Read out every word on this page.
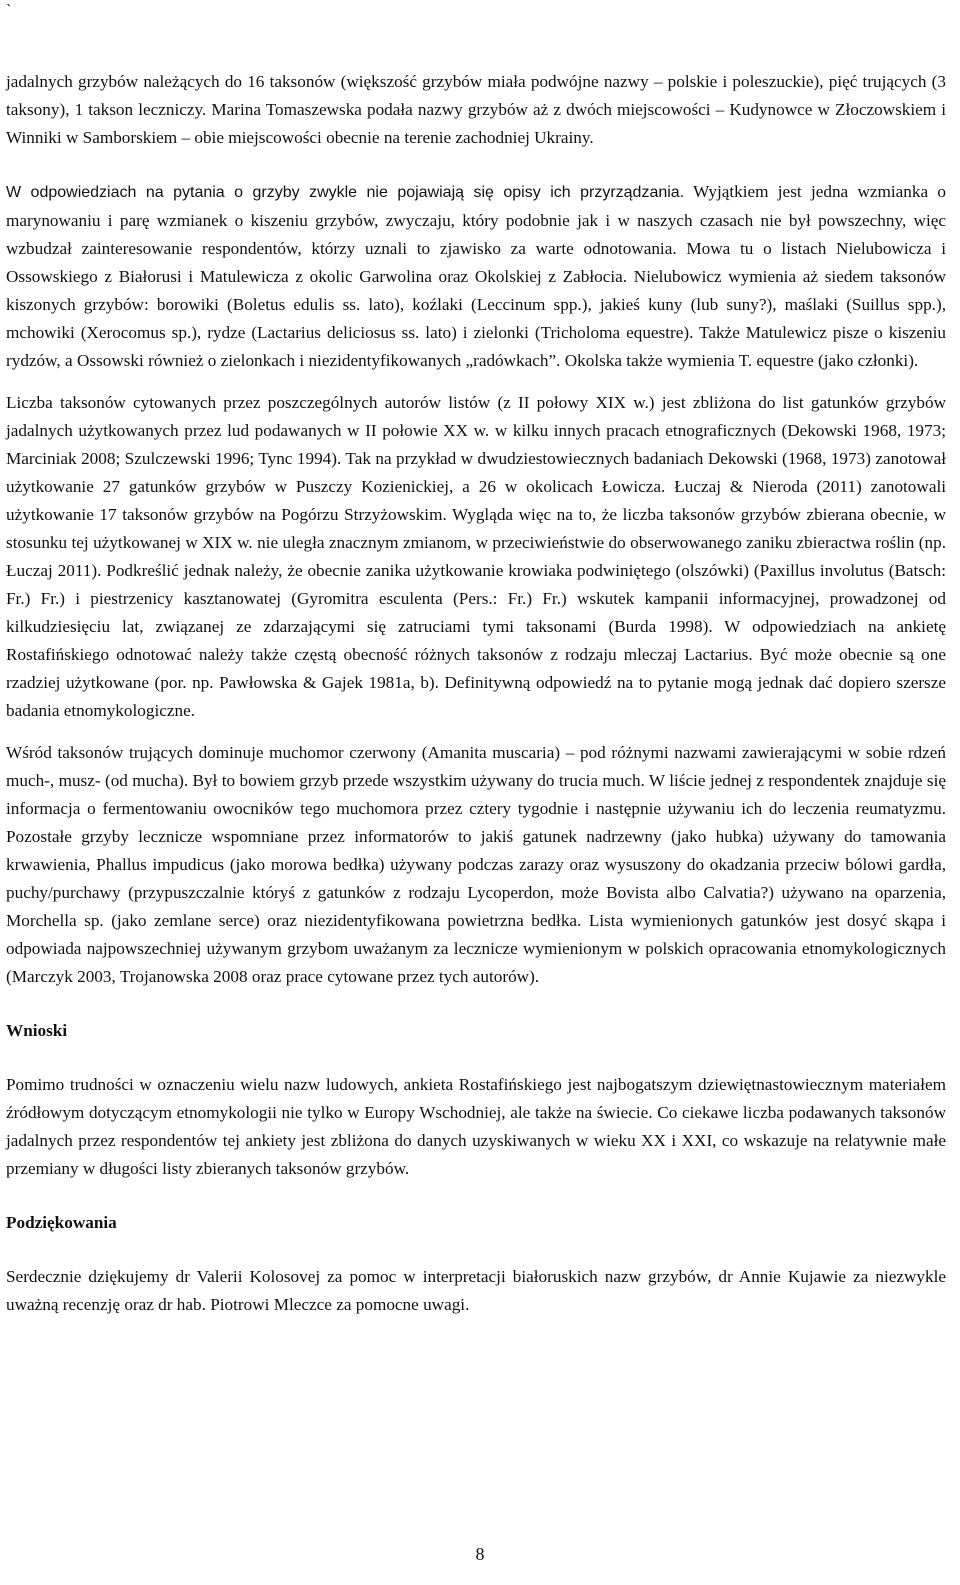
`

jadalnych grzybów należących do 16 taksonów (większość grzybów miała podwójne nazwy – polskie i poleszuckie), pięć trujących (3 taksony), 1 takson leczniczy. Marina Tomaszewska podała nazwy grzybów aż z dwóch miejscowości – Kudynowce w Złoczowskiem i Winniki w Samborskiem – obie miejscowości obecnie na terenie zachodniej Ukrainy.

W odpowiedziach na pytania o grzyby zwykle nie pojawiają się opisy ich przyrządzania. Wyjątkiem jest jedna wzmianka o marynowaniu i parę wzmianek o kiszeniu grzybów, zwyczaju, który podobnie jak i w naszych czasach nie był powszechny, więc wzbudzał zainteresowanie respondentów, którzy uznali to zjawisko za warte odnotowania. Mowa tu o listach Nielubowicza i Ossowskiego z Białorusi i Matulewicza z okolic Garwolina oraz Okolskiej z Zabłocia. Nielubowicz wymienia aż siedem taksonów kiszonych grzybów: borowiki (Boletus edulis ss. lato), koźlaki (Leccinum spp.), jakieś kuny (lub suny?), maślaki (Suillus spp.), mchowiki (Xerocomus sp.), rydze (Lactarius deliciosus ss. lato) i zielonki (Tricholoma equestre). Także Matulewicz pisze o kiszeniu rydzów, a Ossowski również o zielonkach i niezidentyfikowanych „radówkach”. Okolska także wymienia T. equestre (jako członki).

Liczba taksonów cytowanych przez poszczególnych autorów listów (z II połowy XIX w.) jest zbliżona do list gatunków grzybów jadalnych użytkowanych przez lud podawanych w II połowie XX w. w kilku innych pracach etnograficznych (Dekowski 1968, 1973; Marciniak 2008; Szulczewski 1996; Tync 1994). Tak na przykład w dwudziestowiecznych badaniach Dekowski (1968, 1973) zanotował użytkowanie 27 gatunków grzybów w Puszczy Kozienickiej, a 26 w okolicach Łowicza. Łuczaj & Nieroda (2011) zanotowali użytkowanie 17 taksonów grzybów na Pogórzu Strzyżowskim. Wygląda więc na to, że liczba taksonów grzybów zbierana obecnie, w stosunku tej użytkowanej w XIX w. nie uległa znacznym zmianom, w przeciwieństwie do obserwowanego zaniku zbieractwa roślin (np. Łuczaj 2011). Podkreślić jednak należy, że obecnie zanika użytkowanie krowiaka podwiniętego (olszówki) (Paxillus involutus (Batsch: Fr.) Fr.) i piestrzenicy kasztanowatej (Gyromitra esculenta (Pers.: Fr.) Fr.) wskutek kampanii informacyjnej, prowadzonej od kilkudziesięciu lat, związanej ze zdarzającymi się zatruciami tymi taksonami (Burda 1998). W odpowiedziach na ankietę Rostafińskiego odnotować należy także częstą obecność różnych taksonów z rodzaju mleczaj Lactarius. Być może obecnie są one rzadziej użytkowane (por. np. Pawłowska & Gajek 1981a, b). Definitywną odpowiedź na to pytanie mogą jednak dać dopiero szersze badania etnomykologiczne.

Wśród taksonów trujących dominuje muchomor czerwony (Amanita muscaria) – pod różnymi nazwami zawierającymi w sobie rdzeń much-, musz- (od mucha). Był to bowiem grzyb przede wszystkim używany do trucia much. W liście jednej z respondentek znajduje się informacja o fermentowaniu owocników tego muchomora przez cztery tygodnie i następnie używaniu ich do leczenia reumatyzmu. Pozostałe grzyby lecznicze wspomniane przez informatorów to jakiś gatunek nadrzewny (jako hubka) używany do tamowania krwawienia, Phallus impudicus (jako morowa bedłka) używany podczas zarazy oraz wysuszony do okadzania przeciw bólowi gardła, puchy/purchawy (przypuszczalnie któryś z gatunków z rodzaju Lycoperdon, może Bovista albo Calvatia?) używano na oparzenia, Morchella sp. (jako zemlane serce) oraz niezidentyfikowana powietrzna bedłka. Lista wymienionych gatunków jest dosyć skąpa i odpowiada najpowszechniej używanym grzybom uważanym za lecznicze wymienionym w polskich opracowania etnomykologicznych (Marczyk 2003, Trojanowska 2008 oraz prace cytowane przez tych autorów).

Wnioski

Pomimo trudności w oznaczeniu wielu nazw ludowych, ankieta Rostafińskiego jest najbogatszym dziewiętnastowiecznym materiałem źródłowym dotyczącym etnomykologii nie tylko w Europy Wschodniej, ale także na świecie. Co ciekawe liczba podawanych taksonów jadalnych przez respondentów tej ankiety jest zbliżona do danych uzyskiwanych w wieku XX i XXI, co wskazuje na relatywnie małe przemiany w długości listy zbieranych taksonów grzybów.

Podziękowania

Serdecznie dziękujemy dr Valerii Kolosovej za pomoc w interpretacji białoruskich nazw grzybów, dr Annie Kujawie za niezwykle uważną recenzję oraz dr hab. Piotrowi Mleczce za pomocne uwagi.

8
